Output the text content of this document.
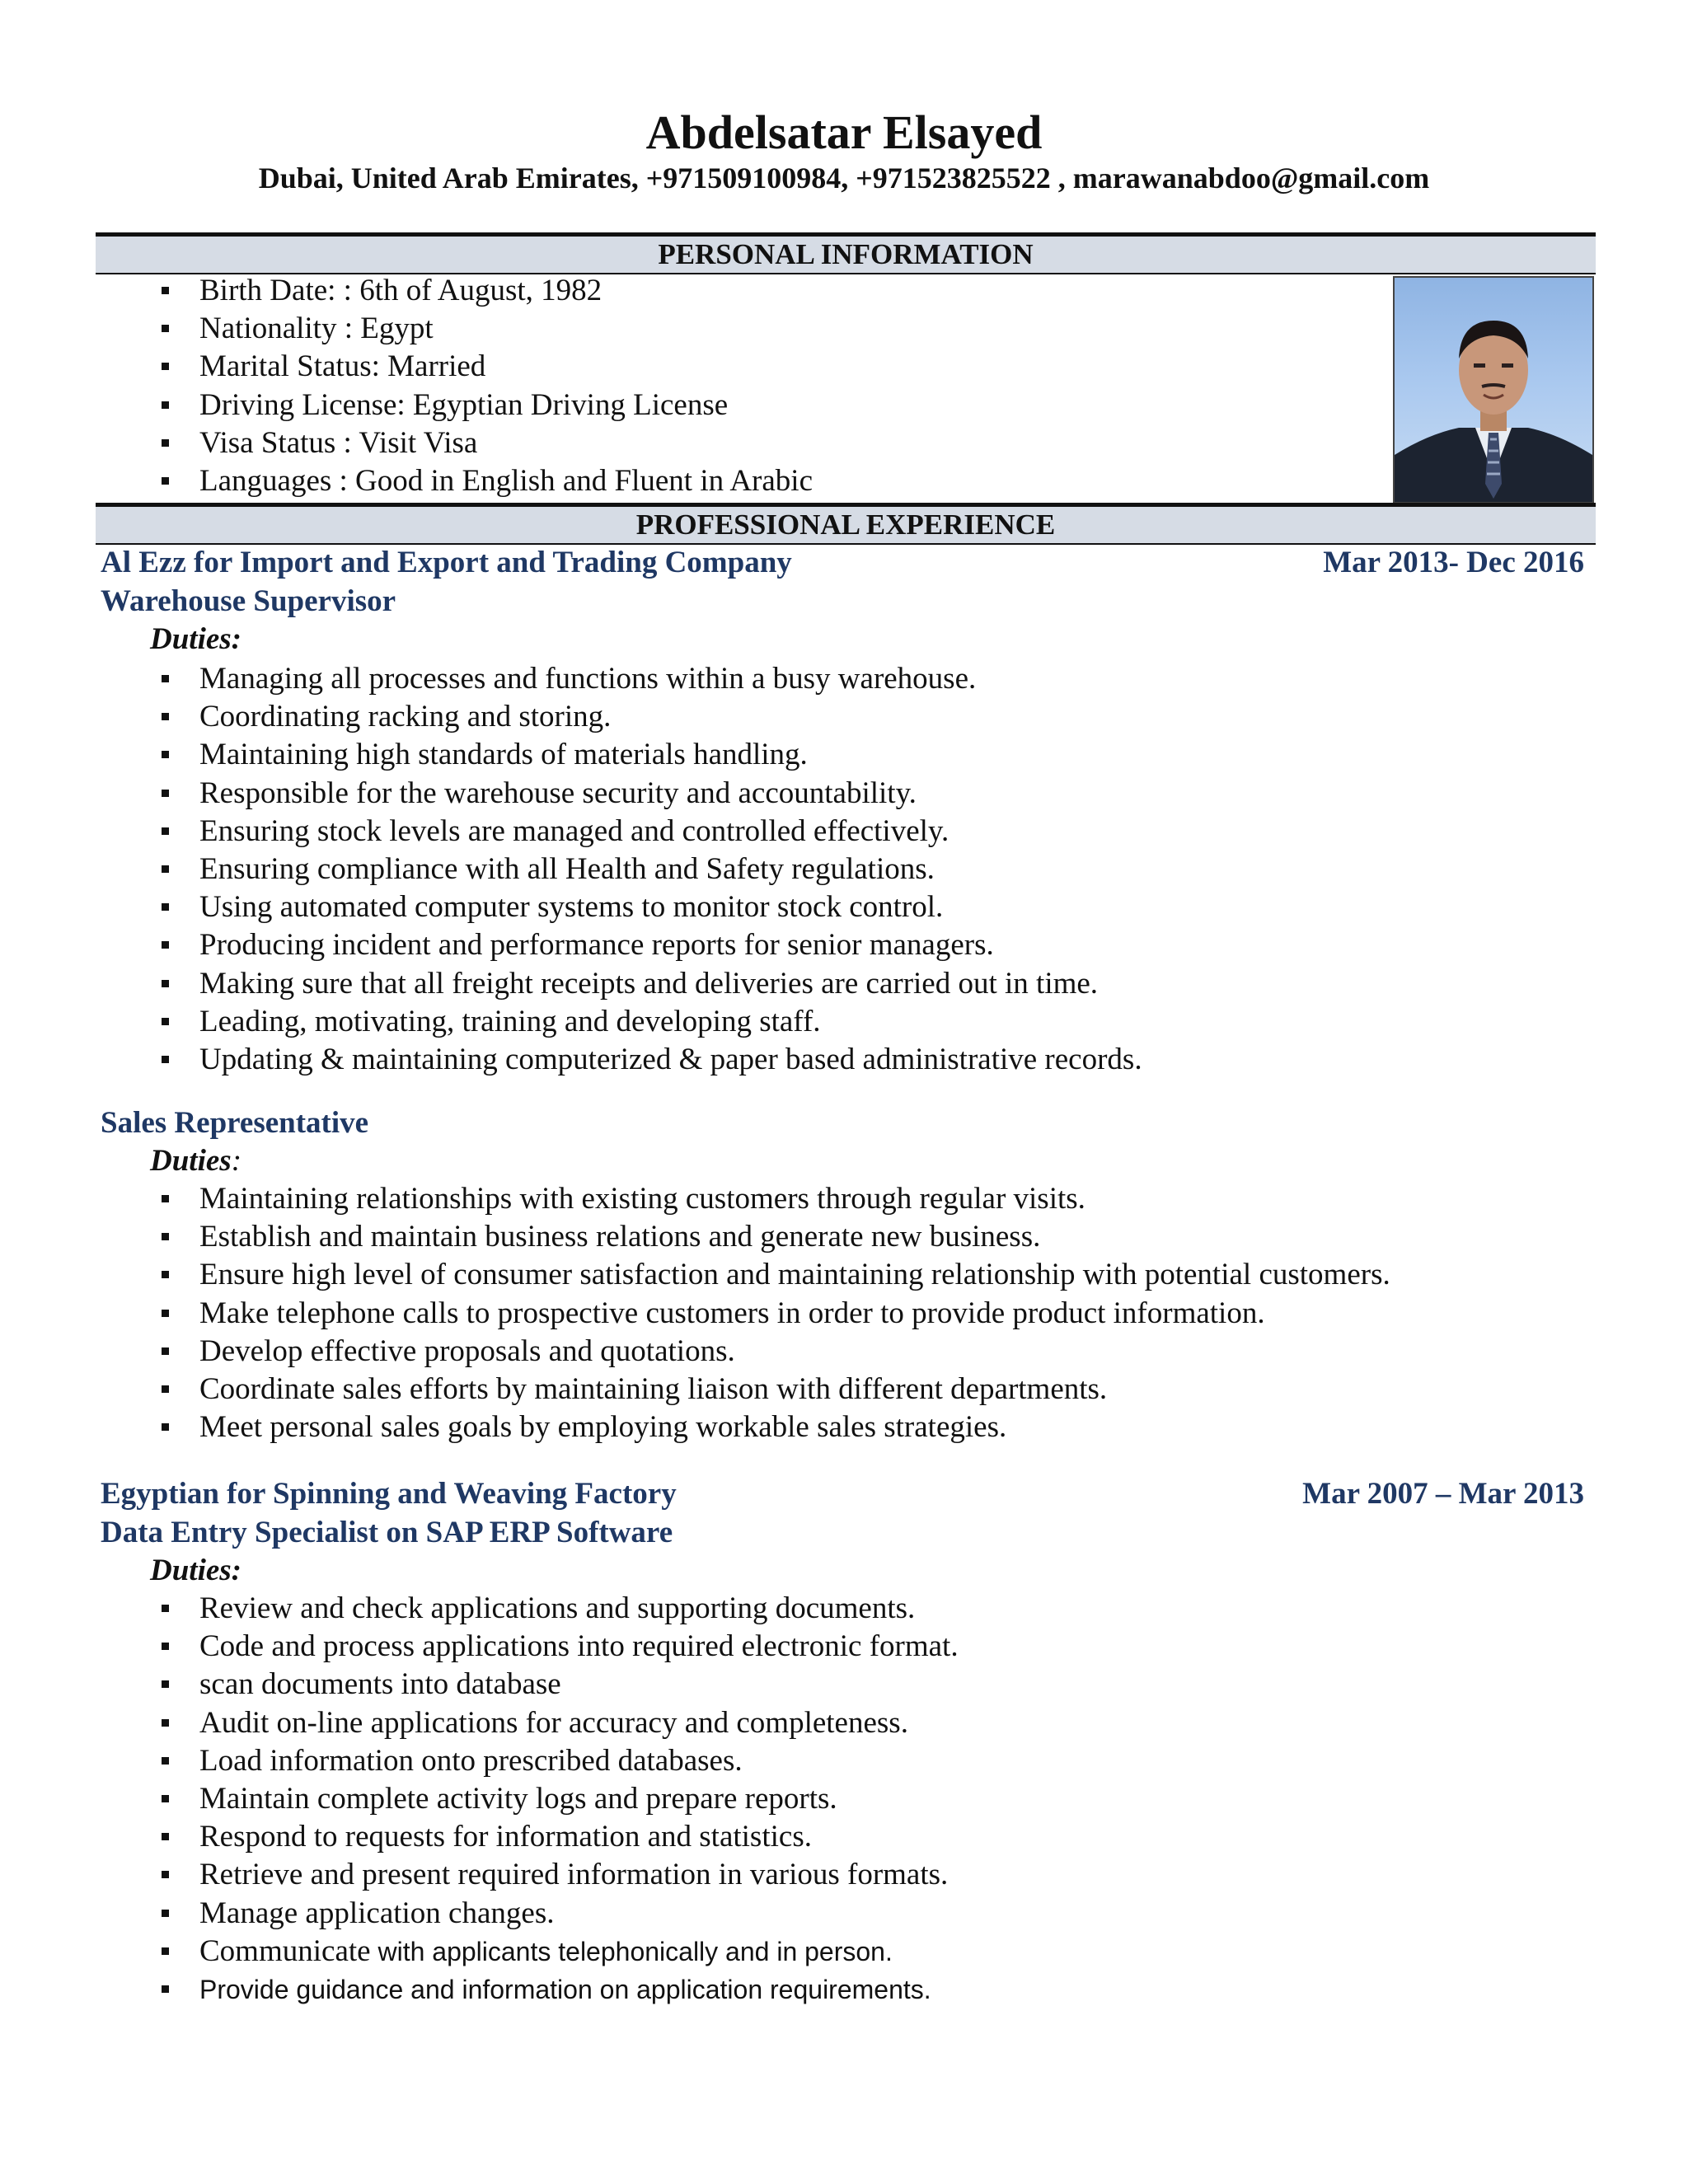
Abdelsatar Elsayed
Dubai, United Arab Emirates, +971509100984, +971523825522 , marawanabdoo@gmail.com
PERSONAL INFORMATION
Birth Date: : 6th of August, 1982
Nationality : Egypt
Marital Status: Married
Driving License: Egyptian Driving License
Visa Status : Visit Visa
Languages : Good in English and Fluent in Arabic
PROFESSIONAL EXPERIENCE
Al Ezz for Import and Export and Trading Company	Mar 2013- Dec 2016
Warehouse Supervisor
Duties:
Managing all processes and functions within a busy warehouse.
Coordinating racking and storing.
Maintaining high standards of materials handling.
Responsible for the warehouse security and accountability.
Ensuring stock levels are managed and controlled effectively.
Ensuring compliance with all Health and Safety regulations.
Using automated computer systems to monitor stock control.
Producing incident and performance reports for senior managers.
Making sure that all freight receipts and deliveries are carried out in time.
Leading, motivating, training and developing staff.
Updating & maintaining computerized & paper based administrative records.
Sales Representative
Duties:
Maintaining relationships with existing customers through regular visits.
Establish and maintain business relations and generate new business.
Ensure high level of consumer satisfaction and maintaining relationship with potential customers.
Make telephone calls to prospective customers in order to provide product information.
Develop effective proposals and quotations.
Coordinate sales efforts by maintaining liaison with different departments.
Meet personal sales goals by employing workable sales strategies.
Egyptian for Spinning and Weaving Factory	Mar 2007 – Mar 2013
Data Entry Specialist on SAP ERP Software
Duties:
Review and check applications and supporting documents.
Code and process applications into required electronic format.
scan documents into database
Audit on-line applications for accuracy and completeness.
Load information onto prescribed databases.
Maintain complete activity logs and prepare reports.
Respond to requests for information and statistics.
Retrieve and present required information in various formats.
Manage application changes.
Communicate with applicants telephonically and in person.
Provide guidance and information on application requirements.
